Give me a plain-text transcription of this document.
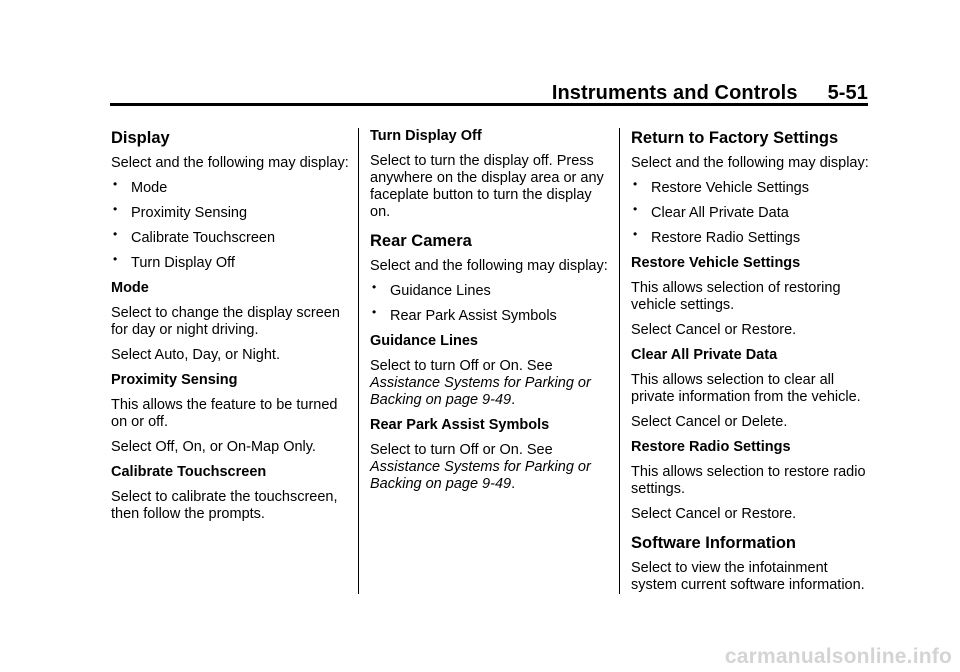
Instruments and Controls 5-51
Display

Select and the following may display:

• Mode
• Proximity Sensing
• Calibrate Touchscreen
• Turn Display Off
Mode

Select to change the display screen for day or night driving.

Select Auto, Day, or Night.

Proximity Sensing

This allows the feature to be turned on or off.

Select Off, On, or On-Map Only.

Calibrate Touchscreen

Select to calibrate the touchscreen, then follow the prompts.

Turn Display Off

Select to turn the display off. Press anywhere on the display area or any faceplate button to turn the display on.

Rear Camera

Select and the following may display:

• Guidance Lines
• Rear Park Assist Symbols
Guidance Lines

Select to turn Off or On. See Assistance Systems for Parking or Backing on page 9-49.

Rear Park Assist Symbols

Select to turn Off or On. See Assistance Systems for Parking or Backing on page 9-49.

Return to Factory Settings

Select and the following may display:

• Restore Vehicle Settings
• Clear All Private Data
• Restore Radio Settings
Restore Vehicle Settings

This allows selection of restoring vehicle settings.

Select Cancel or Restore.

Clear All Private Data

This allows selection to clear all private information from the vehicle.

Select Cancel or Delete.

Restore Radio Settings

This allows selection to restore radio settings.

Select Cancel or Restore.

Software Information

Select to view the infotainment system current software information.

carmanualsonline.info
